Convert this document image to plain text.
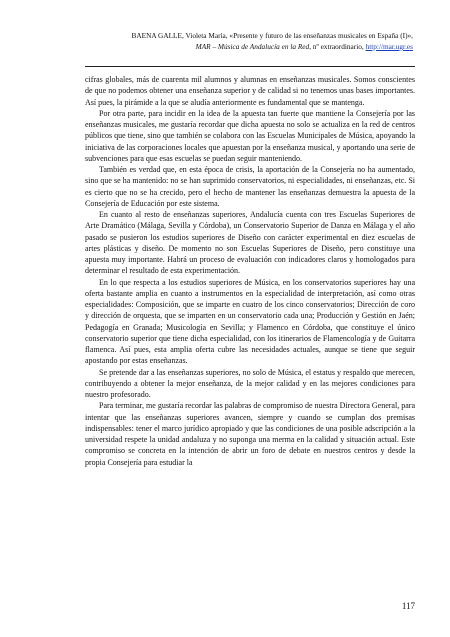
BAENA GALLE, Violeta María, «Presente y futuro de las enseñanzas musicales en España (I)»,
MAR – Música de Andalucía en la Red, nº extraordinario, http://mar.ugr.es

cifras globales, más de cuarenta mil alumnos y alumnas en enseñanzas musicales. Somos conscientes de que no podemos obtener una enseñanza superior y de calidad si no tenemos unas bases importantes. Así pues, la pirámide a la que se aludía anteriormente es fundamental que se mantenga.

Por otra parte, para incidir en la idea de la apuesta tan fuerte que mantiene la Consejería por las enseñanzas musicales, me gustaría recordar que dicha apuesta no solo se actualiza en la red de centros públicos que tiene, sino que también se colabora con las Escuelas Municipales de Música, apoyando la iniciativa de las corporaciones locales que apuestan por la enseñanza musical, y aportando una serie de subvenciones para que esas escuelas se puedan seguir manteniendo.

También es verdad que, en esta época de crisis, la aportación de la Consejería no ha aumentado, sino que se ha mantenido: no se han suprimido conservatorios, ni especialidades, ni enseñanzas, etc. Si es cierto que no se ha crecido, pero el hecho de mantener las enseñanzas demuestra la apuesta de la Consejería de Educación por este sistema.

En cuanto al resto de enseñanzas superiores, Andalucía cuenta con tres Escuelas Superiores de Arte Dramático (Málaga, Sevilla y Córdoba), un Conservatorio Superior de Danza en Málaga y el año pasado se pusieron los estudios superiores de Diseño con carácter experimental en diez escuelas de artes plásticas y diseño. De momento no son Escuelas Superiores de Diseño, pero constituye una apuesta muy importante. Habrá un proceso de evaluación con indicadores claros y homologados para determinar el resultado de esta experimentación.

En lo que respecta a los estudios superiores de Música, en los conservatorios superiores hay una oferta bastante amplia en cuanto a instrumentos en la especialidad de interpretación, así como otras especialidades: Composición, que se imparte en cuatro de los cinco conservatorios; Dirección de coro y dirección de orquesta, que se imparten en un conservatorio cada una; Producción y Gestión en Jaén; Pedagogía en Granada; Musicología en Sevilla; y Flamenco en Córdoba, que constituye el único conservatorio superior que tiene dicha especialidad, con los itinerarios de Flamencología y de Guitarra flamenca. Así pues, esta amplia oferta cubre las necesidades actuales, aunque se tiene que seguir apostando por estas enseñanzas.

Se pretende dar a las enseñanzas superiores, no solo de Música, el estatus y respaldo que merecen, contribuyendo a obtener la mejor enseñanza, de la mejor calidad y en las mejores condiciones para nuestro profesorado.

Para terminar, me gustaría recordar las palabras de compromiso de nuestra Directora General, para intentar que las enseñanzas superiores avancen, siempre y cuando se cumplan dos premisas indispensables: tener el marco jurídico apropiado y que las condiciones de una posible adscripción a la universidad respete la unidad andaluza y no suponga una merma en la calidad y situación actual. Este compromiso se concreta en la intención de abrir un foro de debate en nuestros centros y desde la propia Consejería para estudiar la

117
